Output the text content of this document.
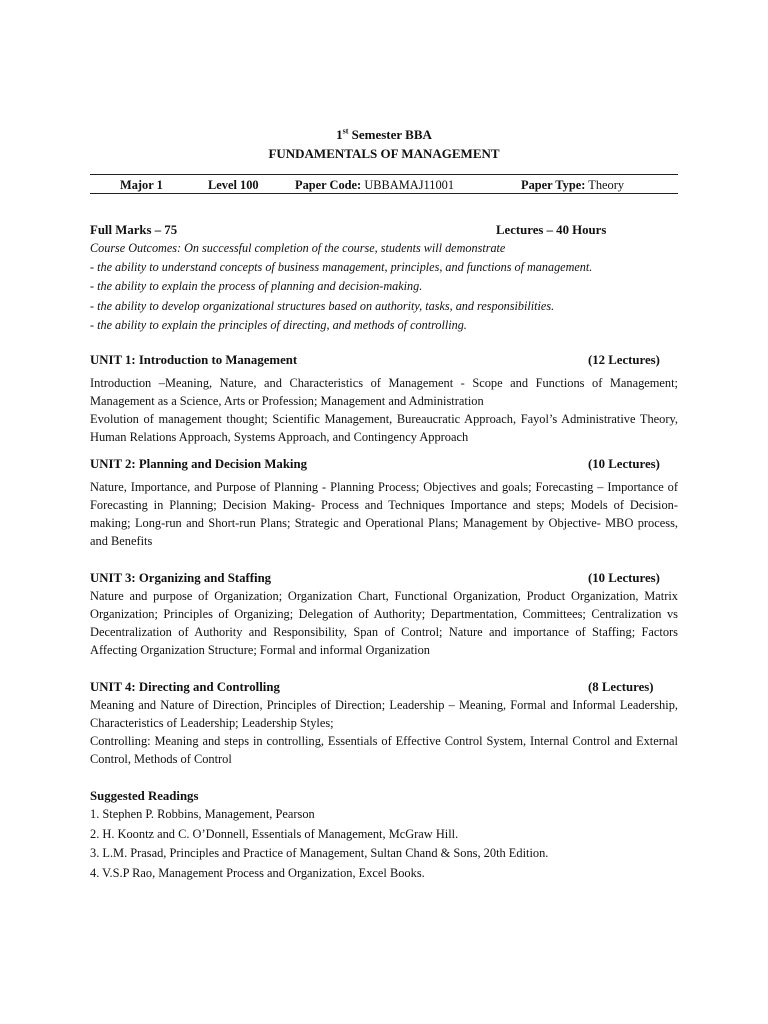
1st Semester BBA
FUNDAMENTALS OF MANAGEMENT
Major 1	Level 100	Paper Code: UBBAMAJ11001	Paper Type: Theory
Full Marks – 75	Lectures – 40 Hours
Course Outcomes: On successful completion of the course, students will demonstrate
- the ability to understand concepts of business management, principles, and functions of management.
- the ability to explain the process of planning and decision-making.
- the ability to develop organizational structures based on authority, tasks, and responsibilities.
- the ability to explain the principles of directing, and methods of controlling.
UNIT 1: Introduction to Management	(12 Lectures)

Introduction –Meaning, Nature, and Characteristics of Management - Scope and Functions of Management; Management as a Science, Arts or Profession; Management and Administration

Evolution of management thought; Scientific Management, Bureaucratic Approach, Fayol’s Administrative Theory, Human Relations Approach, Systems Approach, and Contingency Approach

UNIT 2: Planning and Decision Making	(10 Lectures)

Nature, Importance, and Purpose of Planning - Planning Process; Objectives and goals; Forecasting – Importance of Forecasting in Planning; Decision Making- Process and Techniques Importance and steps; Models of Decision-making; Long-run and Short-run Plans; Strategic and Operational Plans; Management by Objective- MBO process, and Benefits

UNIT 3: Organizing and Staffing	(10 Lectures)

Nature and purpose of Organization; Organization Chart, Functional Organization, Product Organization, Matrix Organization; Principles of Organizing; Delegation of Authority; Departmentation, Committees; Centralization vs Decentralization of Authority and Responsibility, Span of Control; Nature and importance of Staffing; Factors Affecting Organization Structure; Formal and informal Organization

UNIT 4: Directing and Controlling	(8 Lectures)

Meaning and Nature of Direction, Principles of Direction; Leadership – Meaning, Formal and Informal Leadership, Characteristics of Leadership; Leadership Styles;

Controlling: Meaning and steps in controlling, Essentials of Effective Control System, Internal Control and External Control, Methods of Control

Suggested Readings
1. Stephen P. Robbins, Management, Pearson
2. H. Koontz and C. O’Donnell, Essentials of Management, McGraw Hill.
3. L.M. Prasad, Principles and Practice of Management, Sultan Chand & Sons, 20th Edition.
4. V.S.P Rao, Management Process and Organization, Excel Books.
